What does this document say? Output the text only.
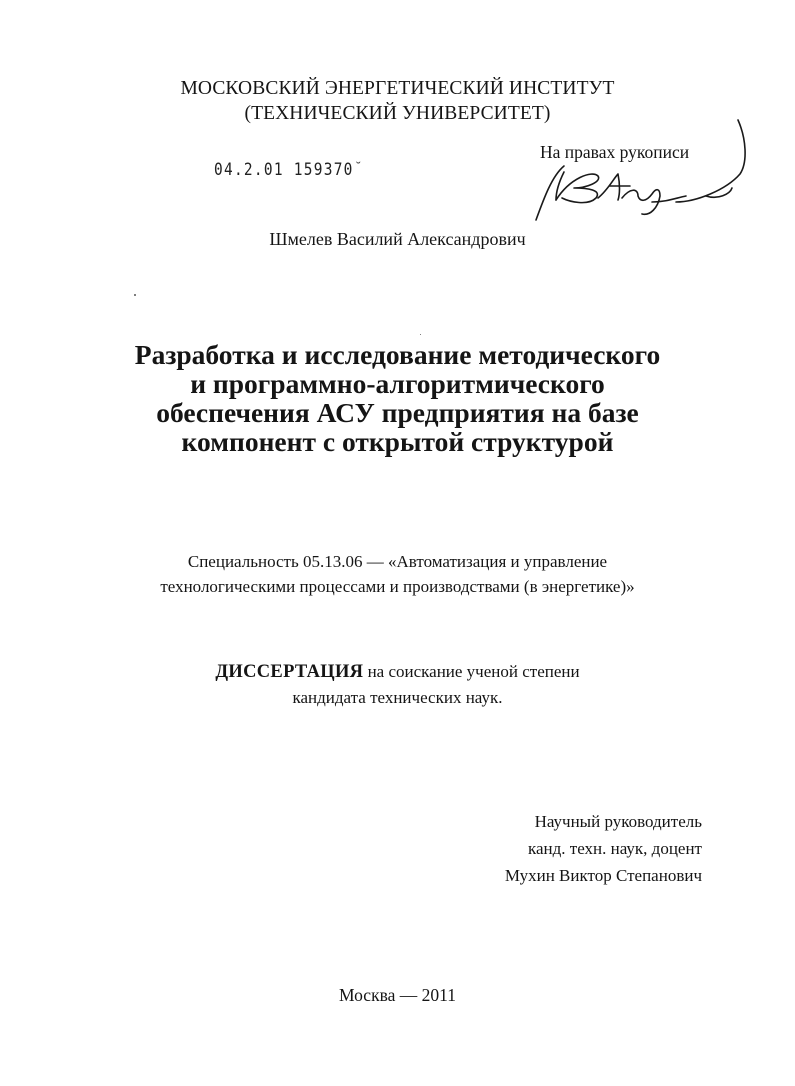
МОСКОВСКИЙ ЭНЕРГЕТИЧЕСКИЙ ИНСТИТУТ
(ТЕХНИЧЕСКИЙ УНИВЕРСИТЕТ)
04.2.01 159370 ˘
На правах рукописи
Шмелев Василий Александрович
Разработка и исследование методического
и программно-алгоритмического
обеспечения АСУ предприятия на базе
компонент с открытой структурой
Специальность 05.13.06 — «Автоматизация и управление
технологическими процессами и производствами (в энергетике)»
ДИССЕРТАЦИЯ на соискание ученой степени
кандидата технических наук.
Научный руководитель
канд. техн. наук, доцент
Мухин Виктор Степанович
Москва — 2011
